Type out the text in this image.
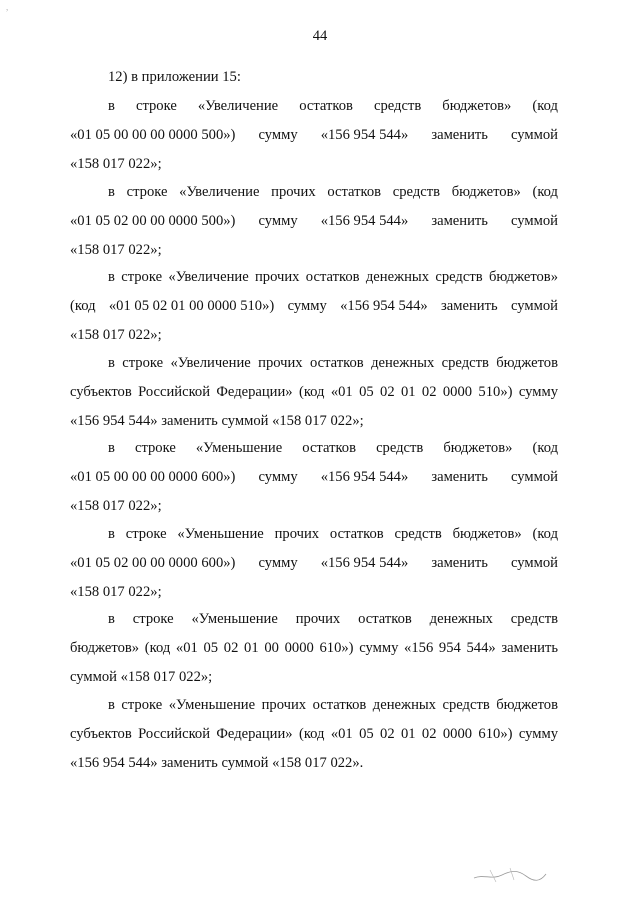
,
44
12) в приложении 15:
в строке «Увеличение остатков средств бюджетов» (код
«01 05 00 00 00 0000 500») сумму «156 954 544» заменить суммой
«158 017 022»;
в строке «Увеличение прочих остатков средств бюджетов» (код
«01 05 02 00 00 0000 500») сумму «156 954 544» заменить суммой
«158 017 022»;
в строке «Увеличение прочих остатков денежных средств бюджетов»
(код «01 05 02 01 00 0000 510») сумму «156 954 544» заменить суммой
«158 017 022»;
в строке «Увеличение прочих остатков денежных средств бюджетов
субъектов Российской Федерации» (код «01 05 02 01 02 0000 510») сумму
«156 954 544» заменить суммой «158 017 022»;
в строке «Уменьшение остатков средств бюджетов» (код
«01 05 00 00 00 0000 600») сумму «156 954 544» заменить суммой
«158 017 022»;
в строке «Уменьшение прочих остатков средств бюджетов» (код
«01 05 02 00 00 0000 600») сумму «156 954 544» заменить суммой
«158 017 022»;
в строке «Уменьшение прочих остатков денежных средств
бюджетов» (код «01 05 02 01 00 0000 610») сумму «156 954 544» заменить
суммой «158 017 022»;
в строке «Уменьшение прочих остатков денежных средств бюджетов
субъектов Российской Федерации» (код «01 05 02 01 02 0000 610») сумму
«156 954 544» заменить суммой «158 017 022».
